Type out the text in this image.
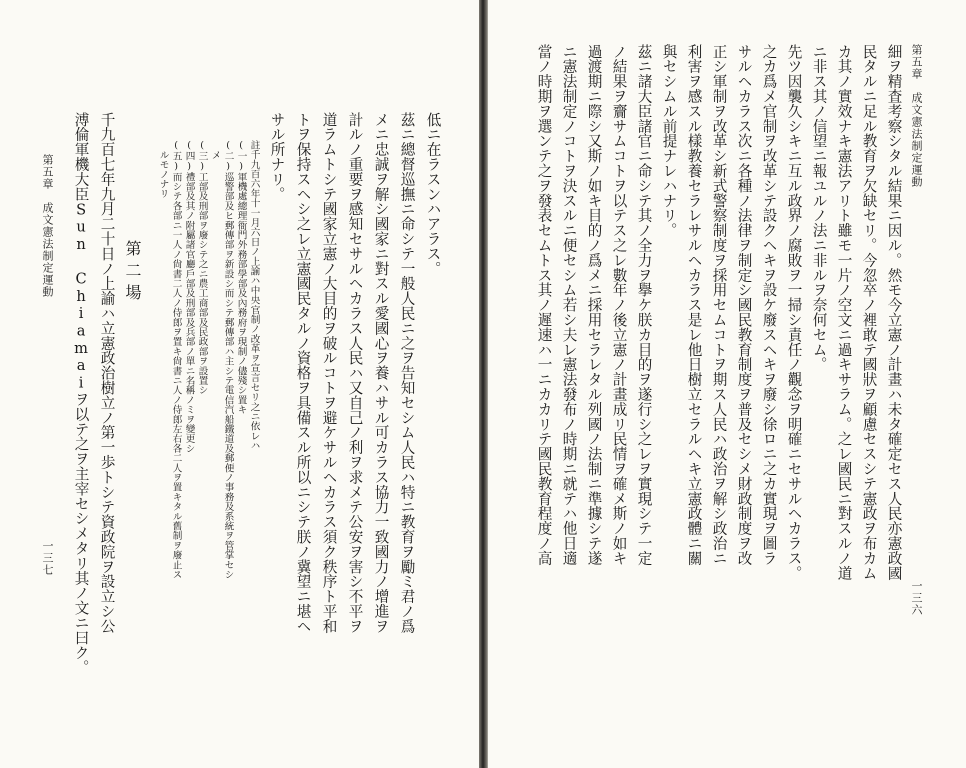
低ニ在ラスンハアラス。
茲ニ總督巡撫ニ命シテ一般人民ニ之ヲ告知セシム人民ハ特ニ教育ヲ勵ミ君ノ爲
メニ忠誠ヲ解シ國家ニ對スル愛國心ヲ養ハサル可カラス協力一致國力ノ增進ヲ
計ルノ重要ヲ感知セサルヘカラス人民ハ又自己ノ利ヲ求メテ公安ヲ害シ不平ヲ
道ラムトシテ國家立憲ノ大目的ヲ破ルコトヲ避ケサルヘカラス須ク秩序ト平和
トヲ保持スヘシ之レ立憲國民タルノ資格ヲ具備スル所以ニシテ朕ノ冀望ニ堪ヘ
サル所ナリ。
註千九百六年十一月六日ノ上諭ハ中央官制ノ改革ヲ宣言セリ之ニ依レハ
(一)軍機處總理衙門外務部學部及內務府ヲ現制ノ儘殘シ置キ
(二)巡警部及ヒ郵傳部ヲ新設シ而シテ郵傳部ハ主シテ電信汽船鐵道及郵便ノ事務及系統ヲ管掌セシ
メ
(三)工部及刑部ヲ廢シテ之ニ農工商部及民政部ヲ設置シ
(四)禮部及其ノ附屬諸官廳戶部及刑部及兵部ノ單ニ名稱ノミヲ變更シ
(五)而シテ各部ニ一人ノ尙書二人ノ侍郎ヲ置キ尙書ニ人ノ侍郎左右各二人ヲ置キタル舊制ヲ廢止ス
ルモノナリ
第二場
千九百七年九月二十日ノ上諭ハ立憲政治樹立ノ第一歩トシテ資政院ヲ設立シ公
溥倫軍機大臣Sun Chiamaiヲ以テ之ヲ主宰セシメタリ其ノ文ニ曰ク。
第五章　成文憲法制定運動
一三七
第五章　成文憲法制定運動
一三六
細ヲ精査考察シタル結果ニ因ル。然モ今立憲ノ計畫ハ未タ確定セス人民亦憲政國
民タルニ足ル教育ヲ欠缺セリ。今忽卒ノ裡敢テ國狀ヲ顧慮セスシテ憲政ヲ布カム
カ其ノ實效ナキ憲法アリト雖モ一片ノ空文ニ過キサラム。之レ國民ニ對スルノ道
ニ非ス其ノ信望ニ報ユルノ法ニ非ルヲ奈何セム。
先ツ因襲久シキニ互ル政界ノ腐敗ヲ一掃シ責任ノ觀念ヲ明確ニセサルヘカラス。
之カ爲メ官制ヲ改革シテ設クヘキヲ設ケ廢スヘキヲ廢シ徐ロニ之カ實現ヲ圖ラ
サルヘカラス次ニ各種ノ法律ヲ制定シ國民教育制度ヲ普及セシメ財政制度ヲ改
正シ軍制ヲ改革シ新式警察制度ヲ採用セムコトヲ期ス人民ハ政治ヲ解シ政治ニ
利害ヲ感スル樣教養セラレサルヘカラス是レ他日樹立セラルヘキ立憲政體ニ關
與セシムル前提ナレハナリ。
茲ニ諸大臣諸官ニ命シテ其ノ全力ヲ擧ケ朕カ目的ヲ遂行シ之レヲ實現シテ一定
ノ結果ヲ齎サムコトヲ以テス之レ數年ノ後立憲ノ計畫成リ民情ヲ確メ斯ノ如キ
過渡期ニ際シ又斯ノ如キ目的ノ爲メニ採用セラレタル列國ノ法制ニ準據シテ遂
ニ憲法制定ノコトヲ決スルニ便セシム若シ夫レ憲法發布ノ時期ニ就テハ他日適
當ノ時期ヲ選ンテ之ヲ發表セムトス其ノ遲速ハ一ニカカリテ國民教育程度ノ高
